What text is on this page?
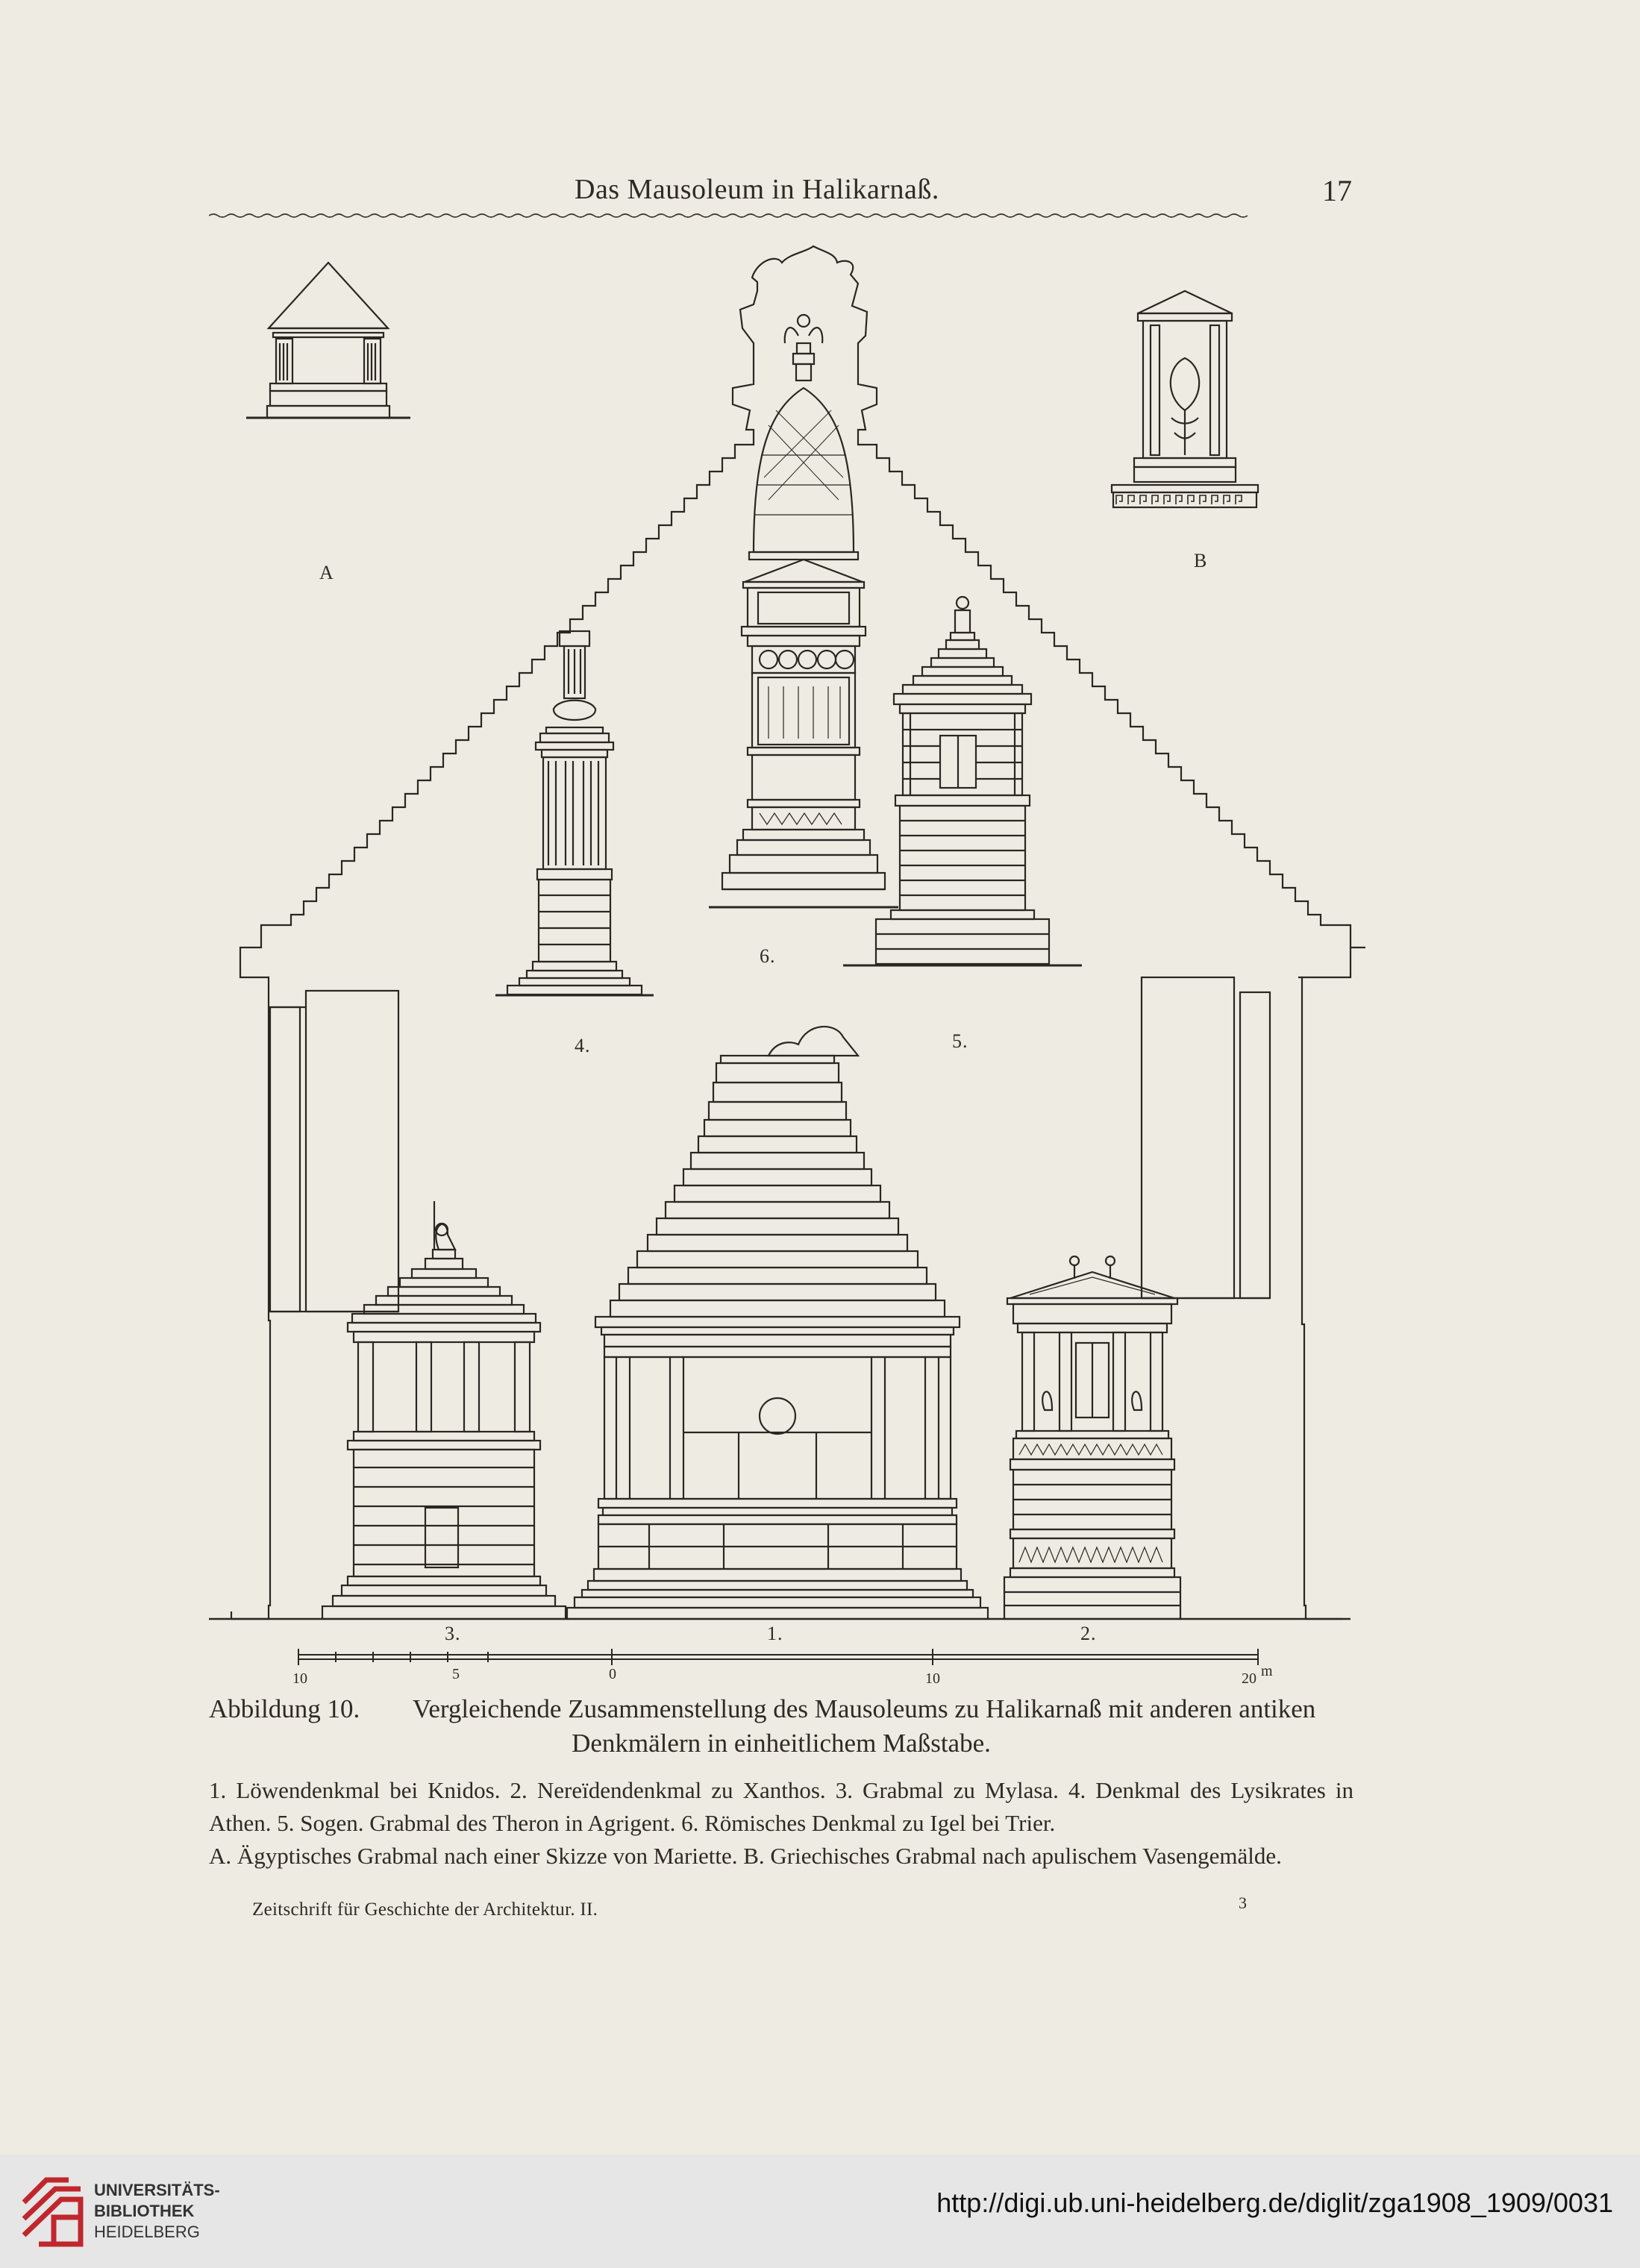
Das Mausoleum in Halikarnaß.	17
A
B
4.
6.
5.
3.	1.	2.
10	5	0	10	20 m
Abbildung 10. Vergleichende Zusammenstellung des Mausoleums zu Halikarnaß mit anderen antiken
Denkmälern in einheitlichem Maßstabe.

1. Löwendenkmal bei Knidos. 2. Nereïdendenkmal zu Xanthos. 3. Grabmal zu Mylasa. 4. Denkmal des Lysikrates in Athen. 5. Sogen. Grabmal des Theron in Agrigent. 6. Römisches Denkmal zu Igel bei Trier.

A. Ägyptisches Grabmal nach einer Skizze von Mariette. B. Griechisches Grabmal nach apulischem Vasengemälde.

Zeitschrift für Geschichte der Architektur. II.	3
UNIVERSITÄTS-
BIBLIOTHEK
HEIDELBERG
http://digi.ub.uni-heidelberg.de/diglit/zga1908_1909/0031
